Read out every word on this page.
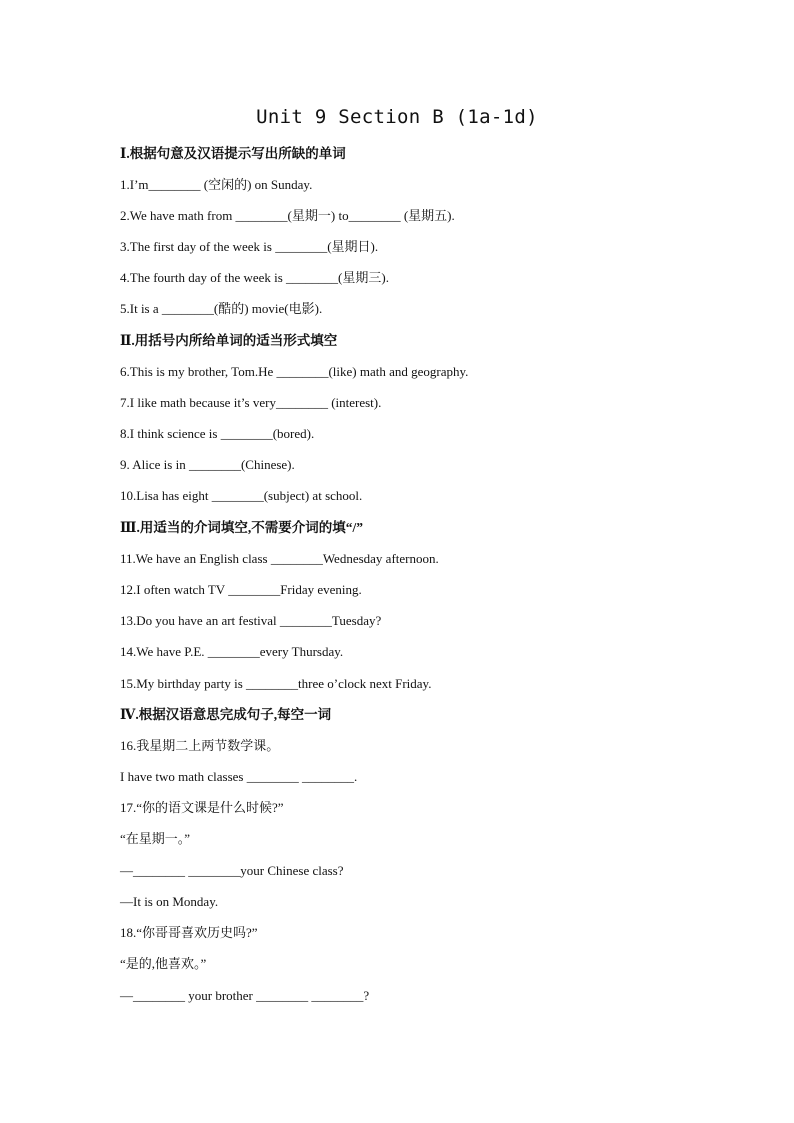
Unit 9 Section B (1a-1d)
Ⅰ.根据句意及汉语提示写出所缺的单词
1.I’m________ (空闲的) on Sunday.
2.We have math from ________(星期一) to________ (星期五).
3.The first day of the week is ________(星期日).
4.The fourth day of the week is ________(星期三).
5.It is a ________(酷的) movie(电影).
Ⅱ.用括号内所给单词的适当形式填空
6.This is my brother, Tom.He ________(like) math and geography.
7.I like math because it’s very________ (interest).
8.I think science is ________(bored).
9. Alice is in ________(Chinese).
10.Lisa has eight ________(subject) at school.
Ⅲ.用适当的介词填空,不需要介词的填“/”
11.We have an English class ________Wednesday afternoon.
12.I often watch TV ________Friday evening.
13.Do you have an art festival ________Tuesday?
14.We have P.E. ________every Thursday.
15.My birthday party is ________three o’clock next Friday.
Ⅳ.根据汉语意思完成句子,每空一词
16.我星期二上两节数学课。
I have two math classes ________ ________.
17.“你的语文课是什么时候?”
“在星期一。”
—________ ________your Chinese class?
—It is on Monday.
18.“你哥哥喜欢历史吗?”
“是的,他喜欢。”
—________ your brother ________ ________?
